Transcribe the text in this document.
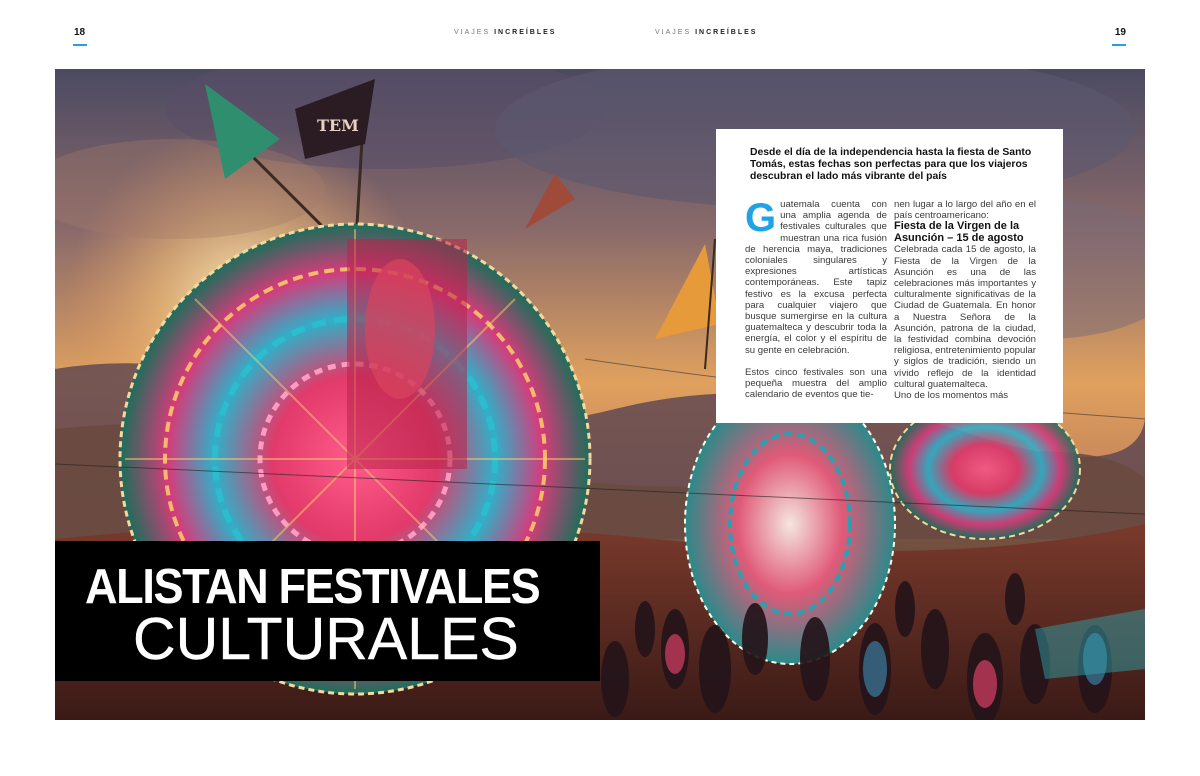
18	VIAJES INCREÍBLES	VIAJES INCREÍBLES	19
TEM
ALISTAN FESTIVALES
CULTURALES
Desde el día de la independencia hasta la fiesta de Santo Tomás, estas fechas son perfectas para que los viajeros descubran el lado más vibrante del país

Guatemala cuenta con una amplia agenda de festivales culturales que muestran una rica fusión de herencia maya, tradiciones coloniales singulares y expresiones artísticas contemporáneas. Este tapiz festivo es la excusa perfecta para cualquier viajero que busque sumergirse en la cultura guatemalteca y descubrir toda la energía, el color y el espíritu de su gente en celebración.

Estos cinco festivales son una pequeña muestra del amplio calendario de eventos que tie-

nen lugar a lo largo del año en el país centroamericano:
Fiesta de la Virgen de la Asunción – 15 de agosto

Celebrada cada 15 de agosto, la Fiesta de la Virgen de la Asunción es una de las celebraciones más importantes y culturalmente significativas de la Ciudad de Guatemala. En honor a Nuestra Señora de la Asunción, patrona de la ciudad, la festividad combina devoción religiosa, entretenimiento popular y siglos de tradición, siendo un vívido reflejo de la identidad cultural guatemalteca.

Uno de los momentos más
